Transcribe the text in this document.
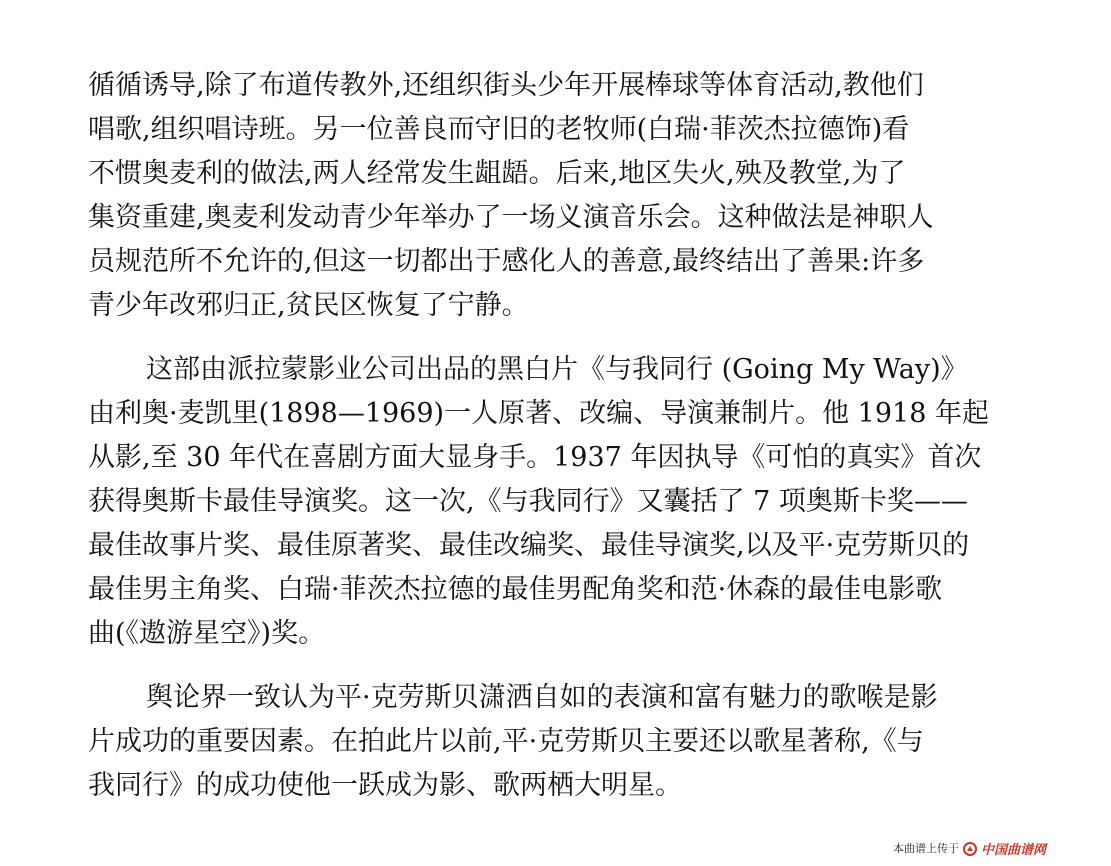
循循诱导,除了布道传教外,还组织街头少年开展棒球等体育活动,教他们
唱歌,组织唱诗班。另一位善良而守旧的老牧师(白瑞·菲茨杰拉德饰)看
不惯奥麦利的做法,两人经常发生龃龉。后来,地区失火,殃及教堂,为了
集资重建,奥麦利发动青少年举办了一场义演音乐会。这种做法是神职人
员规范所不允许的,但这一切都出于感化人的善意,最终结出了善果:许多
青少年改邪归正,贫民区恢复了宁静。
这部由派拉蒙影业公司出品的黑白片《与我同行 (Going My Way)》
由利奥·麦凯里(1898—1969)一人原著、改编、导演兼制片。他 1918 年起
从影,至 30 年代在喜剧方面大显身手。1937 年因执导《可怕的真实》首次
获得奥斯卡最佳导演奖。这一次,《与我同行》又囊括了 7 项奥斯卡奖——
最佳故事片奖、最佳原著奖、最佳改编奖、最佳导演奖,以及平·克劳斯贝的
最佳男主角奖、白瑞·菲茨杰拉德的最佳男配角奖和范·休森的最佳电影歌
曲(《遨游星空》)奖。
舆论界一致认为平·克劳斯贝潇洒自如的表演和富有魅力的歌喉是影
片成功的重要因素。在拍此片以前,平·克劳斯贝主要还以歌星著称,《与
我同行》的成功使他一跃成为影、歌两栖大明星。
本曲谱上传于 中国曲谱网
